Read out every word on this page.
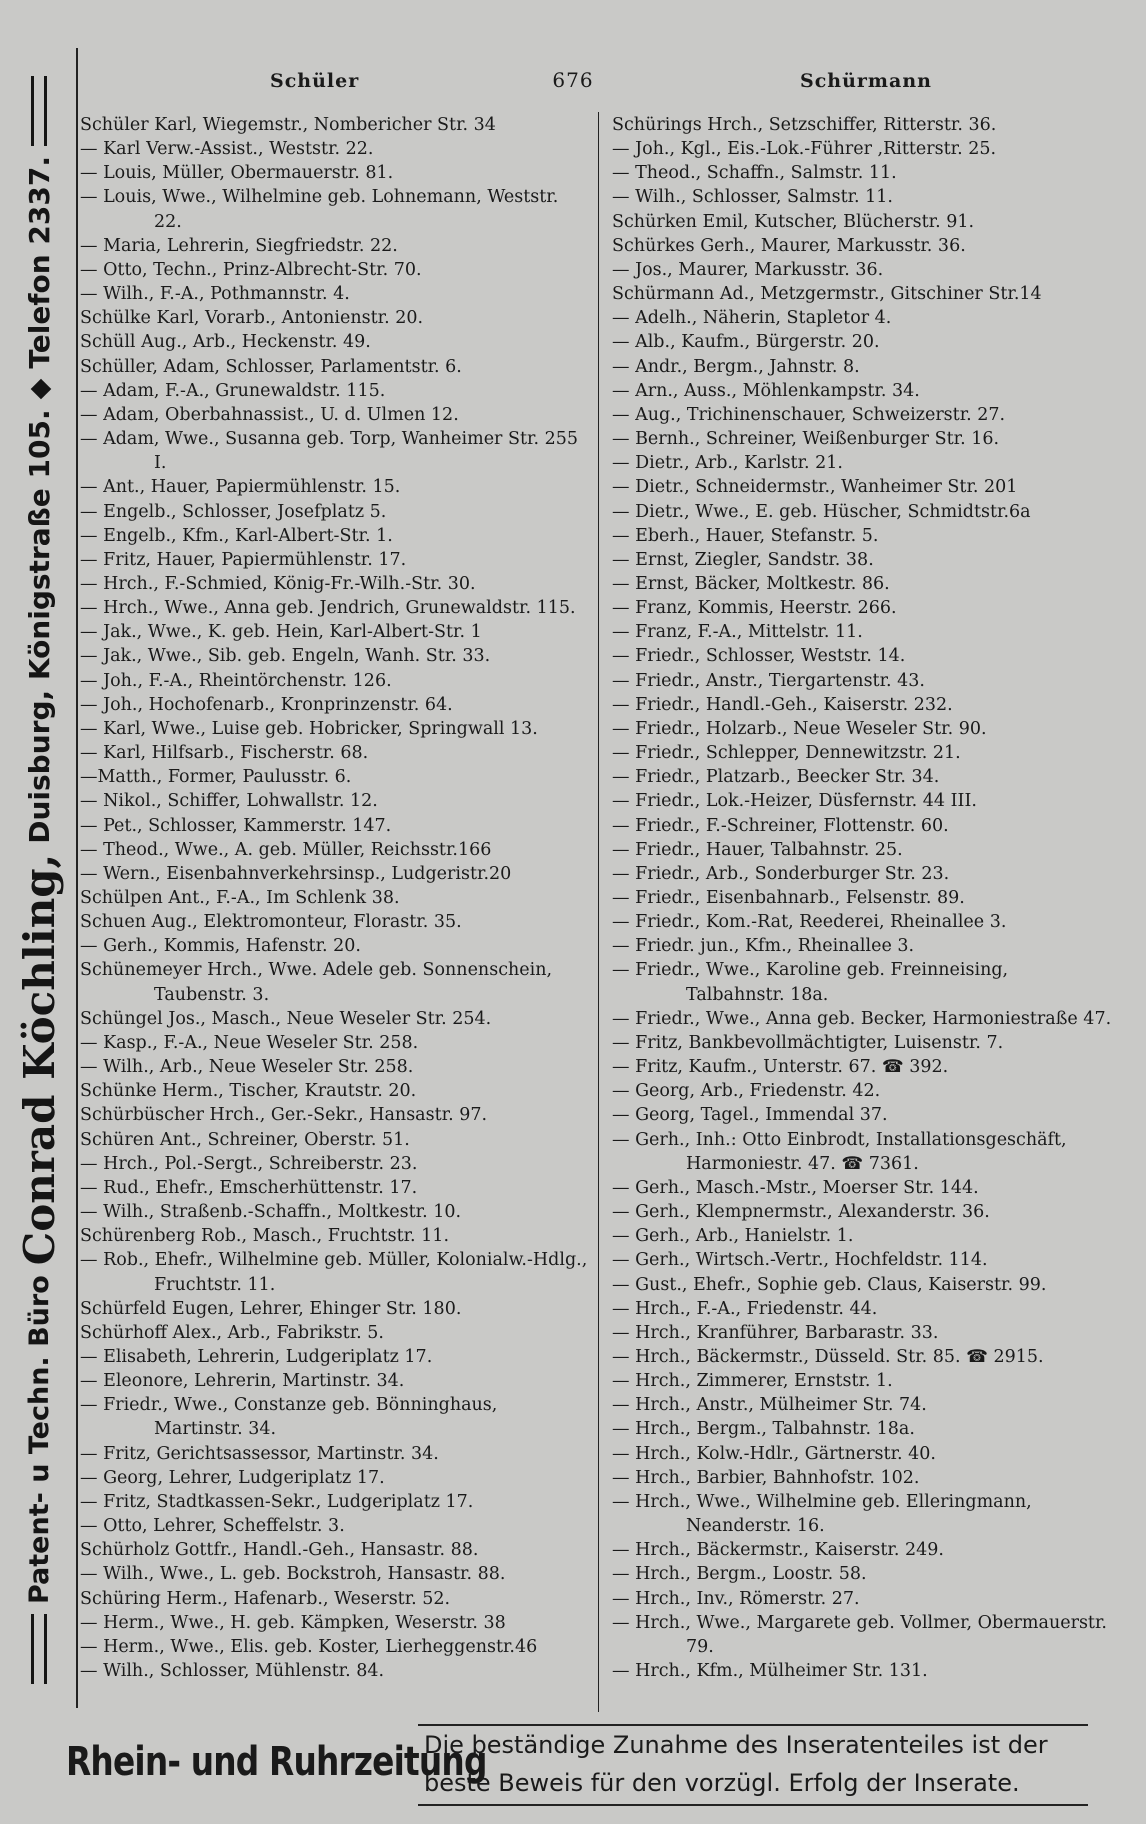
Patent- u Techn. Büro
Conrad Köchling,
Duisburg, Königstraße 105.
◆
Telefon 2337.
Schüler	676	Schürmann

Schüler Karl, Wiegemstr., Nombericher Str. 34

— Karl Verw.-Assist., Weststr. 22.

— Louis, Müller, Obermauerstr. 81.

— Louis, Wwe., Wilhelmine geb. Lohnemann, Weststr. 22.

— Maria, Lehrerin, Siegfriedstr. 22.

— Otto, Techn., Prinz-Albrecht-Str. 70.

— Wilh., F.-A., Pothmannstr. 4.

Schülke Karl, Vorarb., Antonienstr. 20.

Schüll Aug., Arb., Heckenstr. 49.

Schüller, Adam, Schlosser, Parlamentstr. 6.

— Adam, F.-A., Grunewaldstr. 115.

— Adam, Oberbahnassist., U. d. Ulmen 12.

— Adam, Wwe., Susanna geb. Torp, Wanheimer Str. 255 I.

— Ant., Hauer, Papiermühlenstr. 15.

— Engelb., Schlosser, Josefplatz 5.

— Engelb., Kfm., Karl-Albert-Str. 1.

— Fritz, Hauer, Papiermühlenstr. 17.

— Hrch., F.-Schmied, König-Fr.-Wilh.-Str. 30.

— Hrch., Wwe., Anna geb. Jendrich, Grunewaldstr. 115.

— Jak., Wwe., K. geb. Hein, Karl-Albert-Str. 1

— Jak., Wwe., Sib. geb. Engeln, Wanh. Str. 33.

— Joh., F.-A., Rheintörchenstr. 126.

— Joh., Hochofenarb., Kronprinzenstr. 64.

— Karl, Wwe., Luise geb. Hobricker, Springwall 13.

— Karl, Hilfsarb., Fischerstr. 68.

—Matth., Former, Paulusstr. 6.

— Nikol., Schiffer, Lohwallstr. 12.

— Pet., Schlosser, Kammerstr. 147.

— Theod., Wwe., A. geb. Müller, Reichsstr.166

— Wern., Eisenbahnverkehrsinsp., Ludgeristr.20

Schülpen Ant., F.-A., Im Schlenk 38.

Schuen Aug., Elektromonteur, Florastr. 35.

— Gerh., Kommis, Hafenstr. 20.

Schünemeyer Hrch., Wwe. Adele geb. Sonnenschein, Taubenstr. 3.

Schüngel Jos., Masch., Neue Weseler Str. 254.

— Kasp., F.-A., Neue Weseler Str. 258.

— Wilh., Arb., Neue Weseler Str. 258.

Schünke Herm., Tischer, Krautstr. 20.

Schürbüscher Hrch., Ger.-Sekr., Hansastr. 97.

Schüren Ant., Schreiner, Oberstr. 51.

— Hrch., Pol.-Sergt., Schreiberstr. 23.

— Rud., Ehefr., Emscherhüttenstr. 17.

— Wilh., Straßenb.-Schaffn., Moltkestr. 10.

Schürenberg Rob., Masch., Fruchtstr. 11.

— Rob., Ehefr., Wilhelmine geb. Müller, Kolonialw.-Hdlg., Fruchtstr. 11.

Schürfeld Eugen, Lehrer, Ehinger Str. 180.

Schürhoff Alex., Arb., Fabrikstr. 5.

— Elisabeth, Lehrerin, Ludgeriplatz 17.

— Eleonore, Lehrerin, Martinstr. 34.

— Friedr., Wwe., Constanze geb. Bönninghaus, Martinstr. 34.

— Fritz, Gerichtsassessor, Martinstr. 34.

— Georg, Lehrer, Ludgeriplatz 17.

— Fritz, Stadtkassen-Sekr., Ludgeriplatz 17.

— Otto, Lehrer, Scheffelstr. 3.

Schürholz Gottfr., Handl.-Geh., Hansastr. 88.

— Wilh., Wwe., L. geb. Bockstroh, Hansastr. 88.

Schüring Herm., Hafenarb., Weserstr. 52.

— Herm., Wwe., H. geb. Kämpken, Weserstr. 38

— Herm., Wwe., Elis. geb. Koster, Lierheggenstr.46

— Wilh., Schlosser, Mühlenstr. 84.

Schürings Hrch., Setzschiffer, Ritterstr. 36.

— Joh., Kgl., Eis.-Lok.-Führer ,Ritterstr. 25.

— Theod., Schaffn., Salmstr. 11.

— Wilh., Schlosser, Salmstr. 11.

Schürken Emil, Kutscher, Blücherstr. 91.

Schürkes Gerh., Maurer, Markusstr. 36.

— Jos., Maurer, Markusstr. 36.

Schürmann Ad., Metzgermstr., Gitschiner Str.14

— Adelh., Näherin, Stapletor 4.

— Alb., Kaufm., Bürgerstr. 20.

— Andr., Bergm., Jahnstr. 8.

— Arn., Auss., Möhlenkampstr. 34.

— Aug., Trichinenschauer, Schweizerstr. 27.

— Bernh., Schreiner, Weißenburger Str. 16.

— Dietr., Arb., Karlstr. 21.

— Dietr., Schneidermstr., Wanheimer Str. 201

— Dietr., Wwe., E. geb. Hüscher, Schmidtstr.6a

— Eberh., Hauer, Stefanstr. 5.

— Ernst, Ziegler, Sandstr. 38.

— Ernst, Bäcker, Moltkestr. 86.

— Franz, Kommis, Heerstr. 266.

— Franz, F.-A., Mittelstr. 11.

— Friedr., Schlosser, Weststr. 14.

— Friedr., Anstr., Tiergartenstr. 43.

— Friedr., Handl.-Geh., Kaiserstr. 232.

— Friedr., Holzarb., Neue Weseler Str. 90.

— Friedr., Schlepper, Dennewitzstr. 21.

— Friedr., Platzarb., Beecker Str. 34.

— Friedr., Lok.-Heizer, Düsfernstr. 44 III.

— Friedr., F.-Schreiner, Flottenstr. 60.

— Friedr., Hauer, Talbahnstr. 25.

— Friedr., Arb., Sonderburger Str. 23.

— Friedr., Eisenbahnarb., Felsenstr. 89.

— Friedr., Kom.-Rat, Reederei, Rheinallee 3.

— Friedr. jun., Kfm., Rheinallee 3.

— Friedr., Wwe., Karoline geb. Freinneising, Talbahnstr. 18a.

— Friedr., Wwe., Anna geb. Becker, Harmoniestraße 47.

— Fritz, Bankbevollmächtigter, Luisenstr. 7.

— Fritz, Kaufm., Unterstr. 67. ☎ 392.

— Georg, Arb., Friedenstr. 42.

— Georg, Tagel., Immendal 37.

— Gerh., Inh.: Otto Einbrodt, Installationsgeschäft, Harmoniestr. 47. ☎ 7361.

— Gerh., Masch.-Mstr., Moerser Str. 144.

— Gerh., Klempnermstr., Alexanderstr. 36.

— Gerh., Arb., Hanielstr. 1.

— Gerh., Wirtsch.-Vertr., Hochfeldstr. 114.

— Gust., Ehefr., Sophie geb. Claus, Kaiserstr. 99.

— Hrch., F.-A., Friedenstr. 44.

— Hrch., Kranführer, Barbarastr. 33.

— Hrch., Bäckermstr., Düsseld. Str. 85. ☎ 2915.

— Hrch., Zimmerer, Ernststr. 1.

— Hrch., Anstr., Mülheimer Str. 74.

— Hrch., Bergm., Talbahnstr. 18a.

— Hrch., Kolw.-Hdlr., Gärtnerstr. 40.

— Hrch., Barbier, Bahnhofstr. 102.

— Hrch., Wwe., Wilhelmine geb. Elleringmann, Neanderstr. 16.

— Hrch., Bäckermstr., Kaiserstr. 249.

— Hrch., Bergm., Loostr. 58.

— Hrch., Inv., Römerstr. 27.

— Hrch., Wwe., Margarete geb. Vollmer, Obermauerstr. 79.

— Hrch., Kfm., Mülheimer Str. 131.

Rhein- und Ruhrzeitung
Die beständige Zunahme des Inseratenteiles ist der
beste Beweis für den vorzügl. Erfolg der Inserate.
